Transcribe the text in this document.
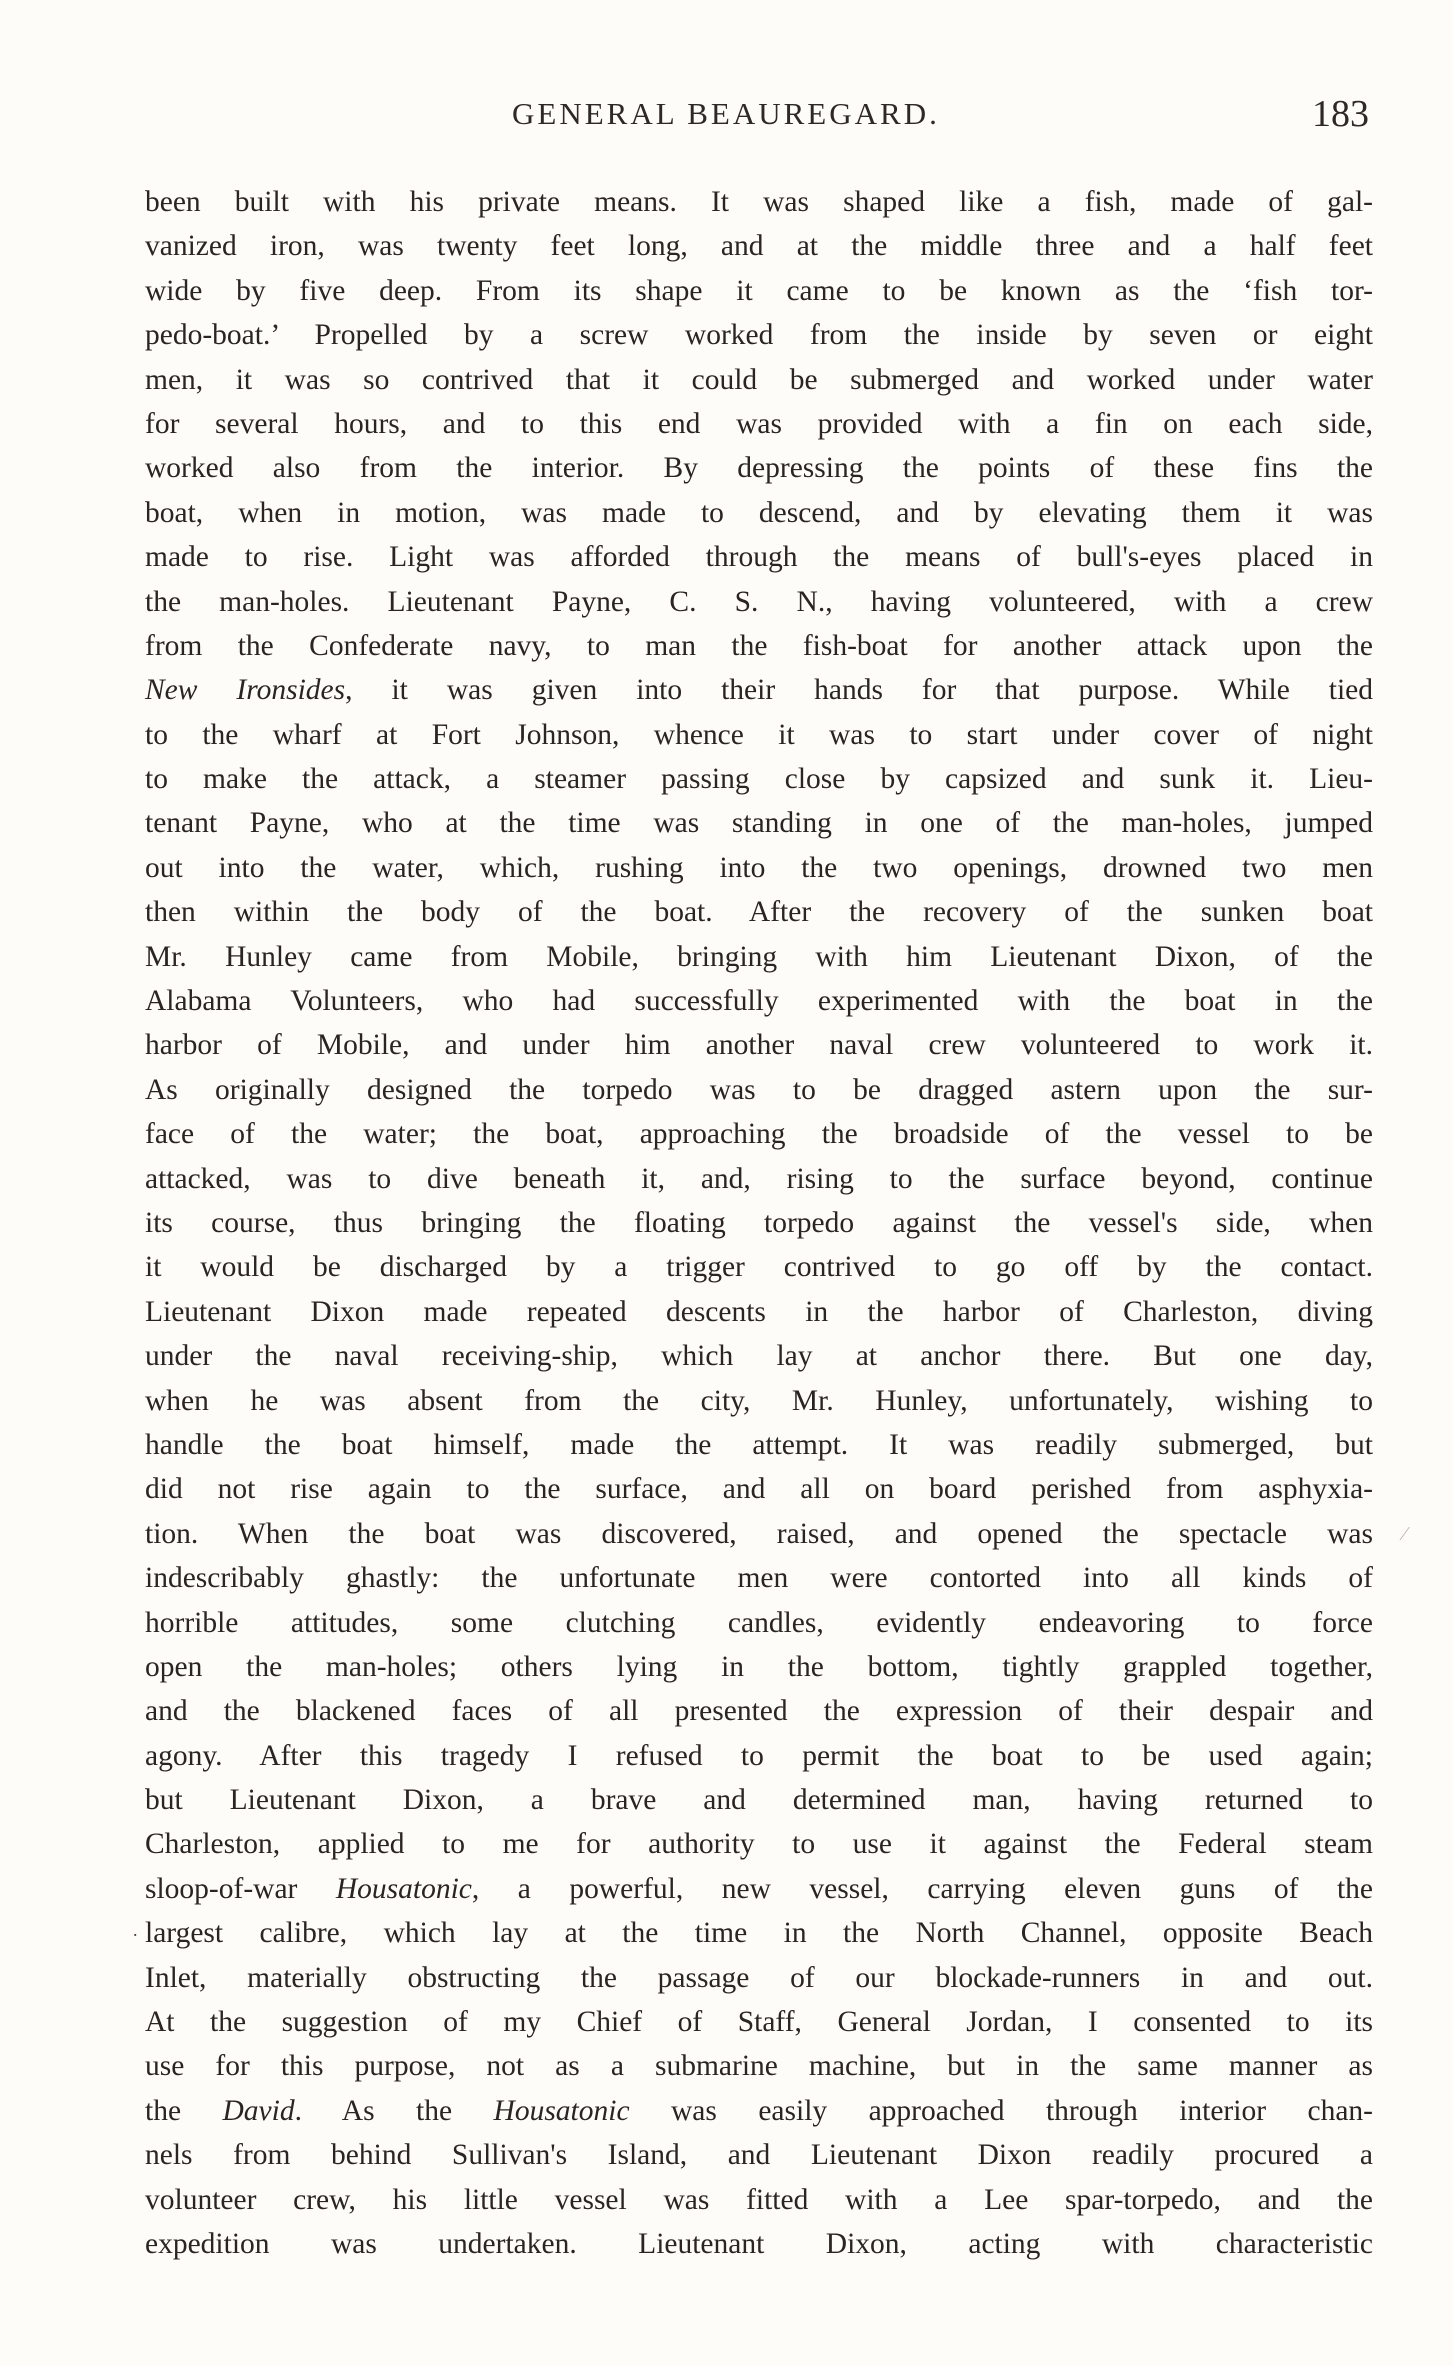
GENERAL BEAUREGARD.	183
been built with his private means. It was shaped like a fish, made of gal-
vanized iron, was twenty feet long, and at the middle three and a half feet
wide by five deep. From its shape it came to be known as the ‘fish tor-
pedo-boat.’ Propelled by a screw worked from the inside by seven or eight
men, it was so contrived that it could be submerged and worked under water
for several hours, and to this end was provided with a fin on each side,
worked also from the interior. By depressing the points of these fins the
boat, when in motion, was made to descend, and by elevating them it was
made to rise. Light was afforded through the means of bull's-eyes placed in
the man-holes. Lieutenant Payne, C. S. N., having volunteered, with a crew
from the Confederate navy, to man the fish-boat for another attack upon the
New Ironsides, it was given into their hands for that purpose. While tied
to the wharf at Fort Johnson, whence it was to start under cover of night
to make the attack, a steamer passing close by capsized and sunk it. Lieu-
tenant Payne, who at the time was standing in one of the man-holes, jumped
out into the water, which, rushing into the two openings, drowned two men
then within the body of the boat. After the recovery of the sunken boat
Mr. Hunley came from Mobile, bringing with him Lieutenant Dixon, of the
Alabama Volunteers, who had successfully experimented with the boat in the
harbor of Mobile, and under him another naval crew volunteered to work it.
As originally designed the torpedo was to be dragged astern upon the sur-
face of the water; the boat, approaching the broadside of the vessel to be
attacked, was to dive beneath it, and, rising to the surface beyond, continue
its course, thus bringing the floating torpedo against the vessel's side, when
it would be discharged by a trigger contrived to go off by the contact.
Lieutenant Dixon made repeated descents in the harbor of Charleston, diving
under the naval receiving-ship, which lay at anchor there. But one day,
when he was absent from the city, Mr. Hunley, unfortunately, wishing to
handle the boat himself, made the attempt. It was readily submerged, but
did not rise again to the surface, and all on board perished from asphyxia-
tion. When the boat was discovered, raised, and opened the spectacle was
indescribably ghastly: the unfortunate men were contorted into all kinds of
horrible attitudes, some clutching candles, evidently endeavoring to force
open the man-holes; others lying in the bottom, tightly grappled together,
and the blackened faces of all presented the expression of their despair and
agony. After this tragedy I refused to permit the boat to be used again;
but Lieutenant Dixon, a brave and determined man, having returned to
Charleston, applied to me for authority to use it against the Federal steam
sloop-of-war Housatonic, a powerful, new vessel, carrying eleven guns of the
largest calibre, which lay at the time in the North Channel, opposite Beach
Inlet, materially obstructing the passage of our blockade-runners in and out.
At the suggestion of my Chief of Staff, General Jordan, I consented to its
use for this purpose, not as a submarine machine, but in the same manner as
the David. As the Housatonic was easily approached through interior chan-
nels from behind Sullivan's Island, and Lieutenant Dixon readily procured a
volunteer crew, his little vessel was fitted with a Lee spar-torpedo, and the
expedition was undertaken. Lieutenant Dixon, acting with characteristic
⁄
.
